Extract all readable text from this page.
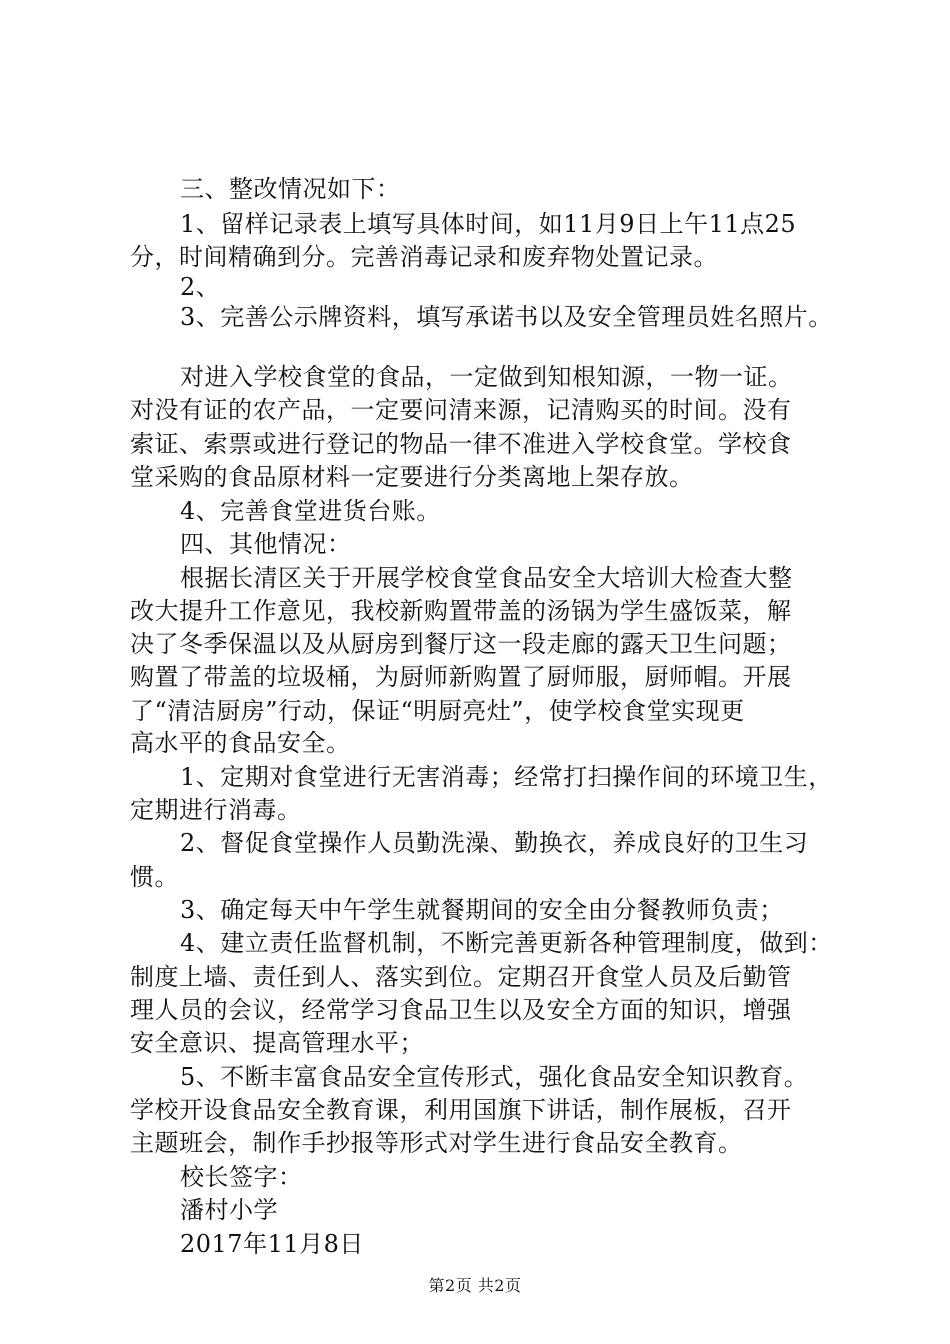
三、整改情况如下：
1、留样记录表上填写具体时间，如11月9日上午11点25
分，时间精确到分。完善消毒记录和废弃物处置记录。
2、
3、完善公示牌资料，填写承诺书以及安全管理员姓名照片。
对进入学校食堂的食品，一定做到知根知源，一物一证。
对没有证的农产品，一定要问清来源，记清购买的时间。没有
索证、索票或进行登记的物品一律不准进入学校食堂。学校食
堂采购的食品原材料一定要进行分类离地上架存放。
4、完善食堂进货台账。
四、其他情况：
根据长清区关于开展学校食堂食品安全大培训大检查大整
改大提升工作意见，我校新购置带盖的汤锅为学生盛饭菜，解
决了冬季保温以及从厨房到餐厅这一段走廊的露天卫生问题；
购置了带盖的垃圾桶，为厨师新购置了厨师服，厨师帽。开展
了“清洁厨房”行动，保证“明厨亮灶”，使学校食堂实现更
高水平的食品安全。
1、定期对食堂进行无害消毒；经常打扫操作间的环境卫生，
定期进行消毒。
2、督促食堂操作人员勤洗澡、勤换衣，养成良好的卫生习
惯。
3、确定每天中午学生就餐期间的安全由分餐教师负责；
4、建立责任监督机制，不断完善更新各种管理制度，做到：
制度上墙、责任到人、落实到位。定期召开食堂人员及后勤管
理人员的会议，经常学习食品卫生以及安全方面的知识，增强
安全意识、提高管理水平；
5、不断丰富食品安全宣传形式，强化食品安全知识教育。
学校开设食品安全教育课，利用国旗下讲话，制作展板，召开
主题班会，制作手抄报等形式对学生进行食品安全教育。
校长签字：
潘村小学
2017年11月8日
第2页 共2页
